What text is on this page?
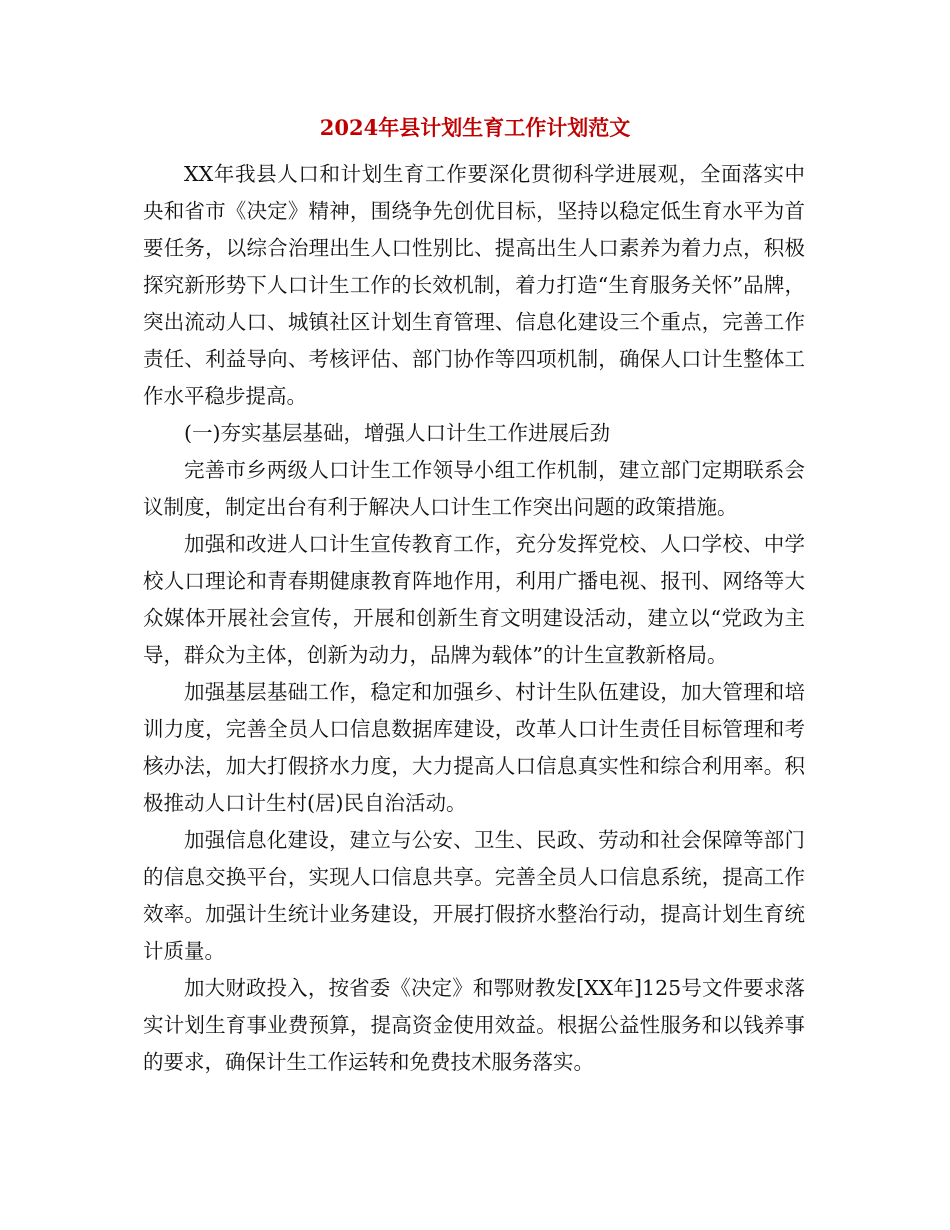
2024年县计划生育工作计划范文

XX年我县人口和计划生育工作要深化贯彻科学进展观，全面落实中央和省市《决定》精神，围绕争先创优目标，坚持以稳定低生育水平为首要任务，以综合治理出生人口性别比、提高出生人口素养为着力点，积极探究新形势下人口计生工作的长效机制，着力打造“生育服务关怀”品牌，突出流动人口、城镇社区计划生育管理、信息化建设三个重点，完善工作责任、利益导向、考核评估、部门协作等四项机制，确保人口计生整体工作水平稳步提高。

(一)夯实基层基础，增强人口计生工作进展后劲

完善市乡两级人口计生工作领导小组工作机制，建立部门定期联系会议制度，制定出台有利于解决人口计生工作突出问题的政策措施。

加强和改进人口计生宣传教育工作，充分发挥党校、人口学校、中学校人口理论和青春期健康教育阵地作用，利用广播电视、报刊、网络等大众媒体开展社会宣传，开展和创新生育文明建设活动，建立以“党政为主导，群众为主体，创新为动力，品牌为载体”的计生宣教新格局。

加强基层基础工作，稳定和加强乡、村计生队伍建设，加大管理和培训力度，完善全员人口信息数据库建设，改革人口计生责任目标管理和考核办法，加大打假挤水力度，大力提高人口信息真实性和综合利用率。积极推动人口计生村(居)民自治活动。

加强信息化建设，建立与公安、卫生、民政、劳动和社会保障等部门的信息交换平台，实现人口信息共享。完善全员人口信息系统，提高工作效率。加强计生统计业务建设，开展打假挤水整治行动，提高计划生育统计质量。

加大财政投入，按省委《决定》和鄂财教发[XX年]125号文件要求落实计划生育事业费预算，提高资金使用效益。根据公益性服务和以钱养事的要求，确保计生工作运转和免费技术服务落实。
